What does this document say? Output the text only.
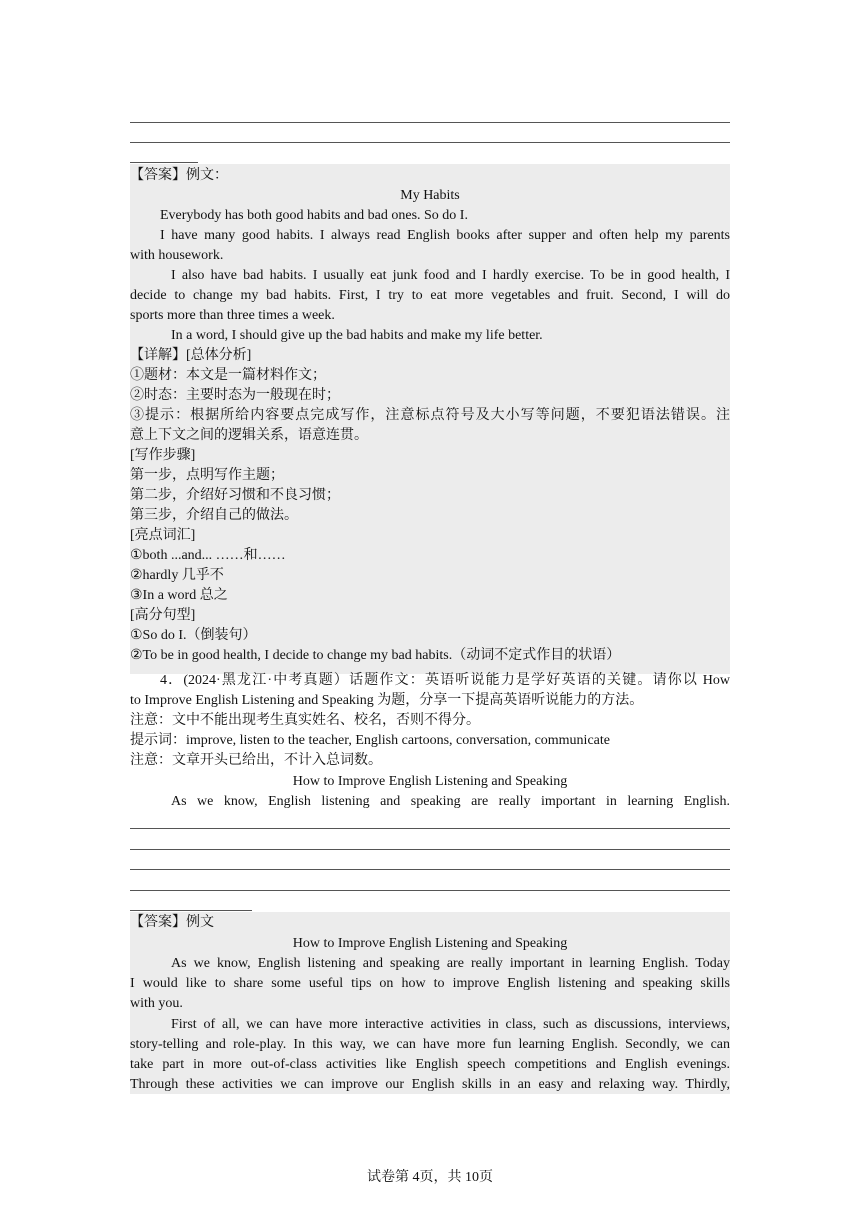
【答案】例文：
My Habits
Everybody has both good habits and bad ones. So do I.
I have many good habits. I always read English books after supper and often help my parents
with housework.
I also have bad habits. I usually eat junk food and I hardly exercise. To be in good health, I
decide to change my bad habits. First, I try to eat more vegetables and fruit. Second, I will do
sports more than three times a week.
In a word, I should give up the bad habits and make my life better.
【详解】[总体分析]
①题材：本文是一篇材料作文；
②时态：主要时态为一般现在时；
③提示：根据所给内容要点完成写作，注意标点符号及大小写等问题，不要犯语法错误。注
意上下文之间的逻辑关系，语意连贯。
[写作步骤]
第一步，点明写作主题；
第二步，介绍好习惯和不良习惯；
第三步，介绍自己的做法。
[亮点词汇]
①both ...and... ……和……
②hardly 几乎不
③In a word 总之
[高分句型]
①So do I.（倒装句）
②To be in good health, I decide to change my bad habits.（动词不定式作目的状语）
4．(2024·黑龙江·中考真题）话题作文：英语听说能力是学好英语的关键。请你以 How
to Improve English Listening and Speaking 为题，分享一下提高英语听说能力的方法。
注意：文中不能出现考生真实姓名、校名，否则不得分。
提示词：improve, listen to the teacher, English cartoons, conversation, communicate
注意：文章开头已给出，不计入总词数。
How to Improve English Listening and Speaking
As we know, English listening and speaking are really important in learning English.
【答案】例文
How to Improve English Listening and Speaking
As we know, English listening and speaking are really important in learning English. Today
I would like to share some useful tips on how to improve English listening and speaking skills
with you.
First of all, we can have more interactive activities in class, such as discussions, interviews,
story-telling and role-play. In this way, we can have more fun learning English. Secondly, we can
take part in more out-of-class activities like English speech competitions and English evenings.
Through these activities we can improve our English skills in an easy and relaxing way. Thirdly,
试卷第 4页，共 10页
